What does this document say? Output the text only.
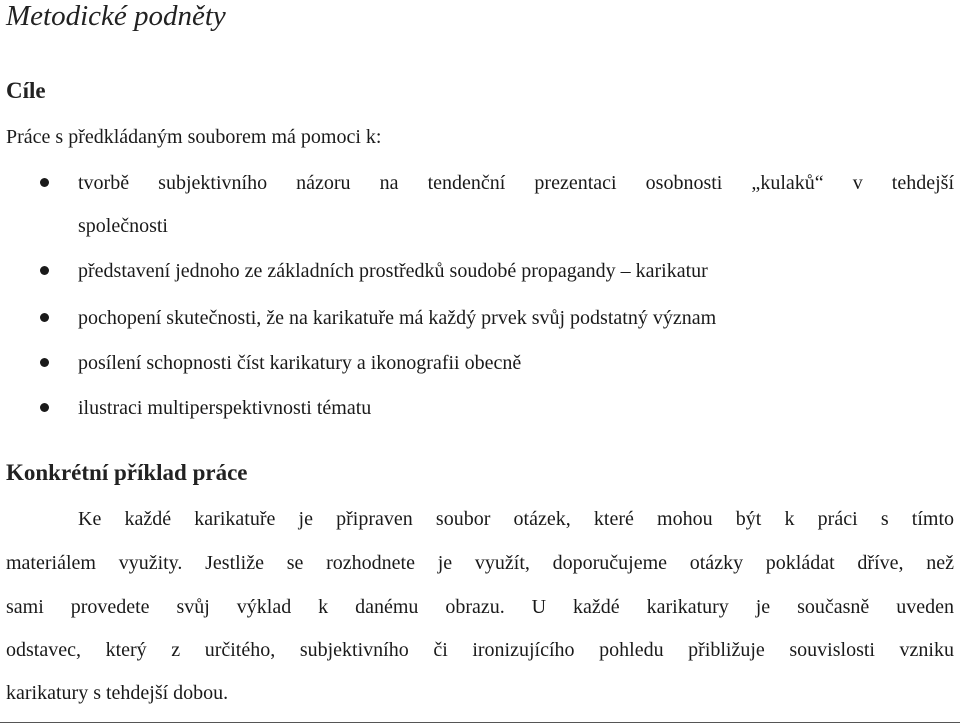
Metodické podněty
Cíle

Práce s předkládaným souborem má pomoci k:

tvorbě subjektivního názoru na tendenční prezentaci osobnosti „kulaků“ v tehdejší
představení jednoho ze základních prostředků soudobé propagandy – karikatur
pochopení skutečnosti, že na karikatuře má každý prvek svůj podstatný význam
posílení schopnosti číst karikatury a ikonografii obecně
ilustraci multiperspektivnosti tématu
společnosti
Konkrétní příklad práce
Ke každé karikatuře je připraven soubor otázek, které mohou být k práci s tímto
materiálem využity. Jestliže se rozhodnete je využít, doporučujeme otázky pokládat dříve, než
sami provedete svůj výklad k danému obrazu. U každé karikatury je současně uveden
odstavec, který z určitého, subjektivního či ironizujícího pohledu přibližuje souvislosti vzniku
karikatury s tehdejší dobou.
